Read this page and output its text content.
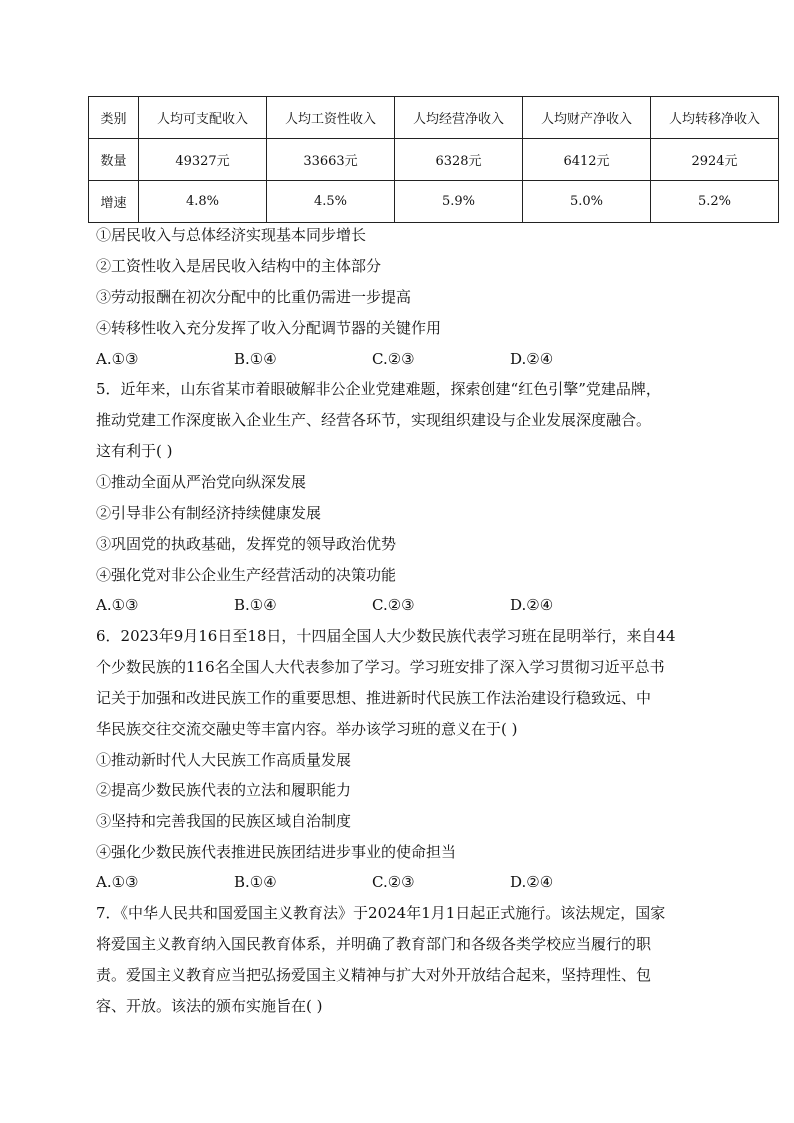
类别	人均可支配收入	人均工资性收入	人均经营净收入	人均财产净收入	人均转移净收入
数量	49327元	33663元	6328元	6412元	2924元
增速	4.8%	4.5%	5.9%	5.0%	5.2%
①居民收入与总体经济实现基本同步增长
②工资性收入是居民收入结构中的主体部分
③劳动报酬在初次分配中的比重仍需进一步提高
④转移性收入充分发挥了收入分配调节器的关键作用
A.①③	B.①④	C.②③	D.②④
5．近年来，山东省某市着眼破解非公企业党建难题，探索创建“红色引擎”党建品牌，
推动党建工作深度嵌入企业生产、经营各环节，实现组织建设与企业发展深度融合。
这有利于( )
①推动全面从严治党向纵深发展
②引导非公有制经济持续健康发展
③巩固党的执政基础，发挥党的领导政治优势
④强化党对非公企业生产经营活动的决策功能
A.①③	B.①④	C.②③	D.②④
6．2023年9月16日至18日，十四届全国人大少数民族代表学习班在昆明举行，来自44
个少数民族的116名全国人大代表参加了学习。学习班安排了深入学习贯彻习近平总书
记关于加强和改进民族工作的重要思想、推进新时代民族工作法治建设行稳致远、中
华民族交往交流交融史等丰富内容。举办该学习班的意义在于( )
①推动新时代人大民族工作高质量发展
②提高少数民族代表的立法和履职能力
③坚持和完善我国的民族区域自治制度
④强化少数民族代表推进民族团结进步事业的使命担当
A.①③	B.①④	C.②③	D.②④
7．《中华人民共和国爱国主义教育法》于2024年1月1日起正式施行。该法规定，国家
将爱国主义教育纳入国民教育体系，并明确了教育部门和各级各类学校应当履行的职
责。爱国主义教育应当把弘扬爱国主义精神与扩大对外开放结合起来，坚持理性、包
容、开放。该法的颁布实施旨在( )
